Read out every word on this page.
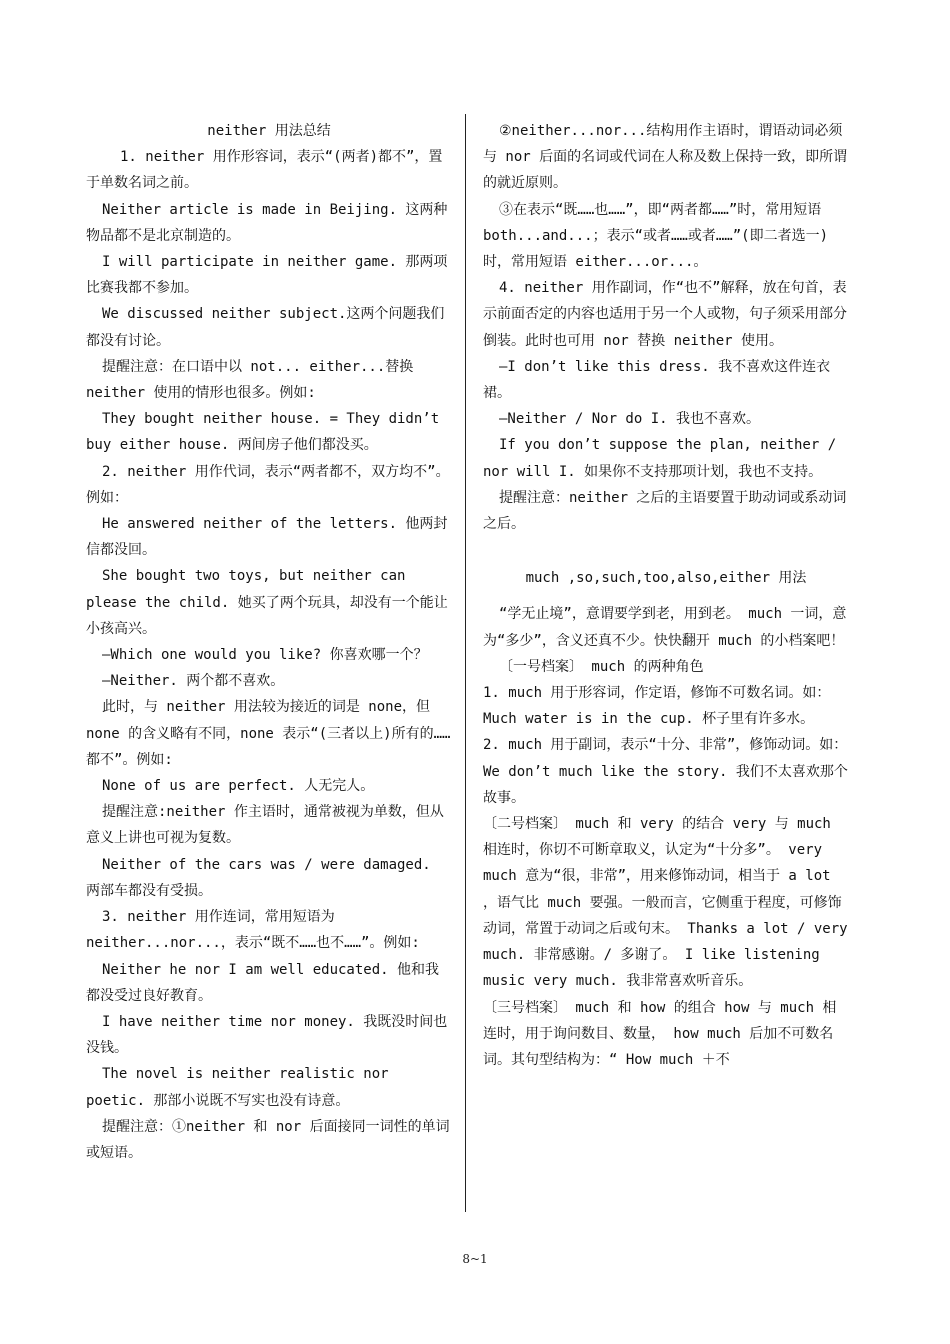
neither 用法总结

1. neither 用作形容词，表示“(两者)都不”，置于单数名词之前。

Neither article is made in Beijing. 这两种物品都不是北京制造的。

I will participate in neither game. 那两项比赛我都不参加。

We discussed neither subject.这两个问题我们都没有讨论。

提醒注意：在口语中以 not... either...替换 neither 使用的情形也很多。例如:

They bought neither house. = They didn’t buy either house. 两间房子他们都没买。

2. neither 用作代词，表示“两者都不，双方均不”。例如：

He answered neither of the letters. 他两封信都没回。

She bought two toys, but neither can please the child. 她买了两个玩具，却没有一个能让小孩高兴。

—Which one would you like? 你喜欢哪一个？

—Neither. 两个都不喜欢。

此时，与 neither 用法较为接近的词是 none，但 none 的含义略有不同，none 表示“(三者以上)所有的……都不”。例如:

None of us are perfect. 人无完人。

提醒注意:neither 作主语时，通常被视为单数，但从意义上讲也可视为复数。

Neither of the cars was / were damaged. 两部车都没有受损。

3. neither 用作连词，常用短语为 neither...nor...，表示“既不……也不……”。例如:

Neither he nor I am well educated. 他和我都没受过良好教育。

I have neither time nor money. 我既没时间也没钱。

The novel is neither realistic nor poetic. 那部小说既不写实也没有诗意。

提醒注意：①neither 和 nor 后面接同一词性的单词或短语。

②neither...nor...结构用作主语时，谓语动词必须与 nor 后面的名词或代词在人称及数上保持一致，即所谓的就近原则。

③在表示“既……也……”，即“两者都……”时，常用短语 both...and...；表示“或者……或者……”(即二者选一)时，常用短语 either...or...。

4. neither 用作副词，作“也不”解释，放在句首，表示前面否定的内容也适用于另一个人或物，句子须采用部分倒装。此时也可用 nor 替换 neither 使用。

—I don’t like this dress. 我不喜欢这件连衣裙。

—Neither / Nor do I. 我也不喜欢。

If you don’t suppose the plan, neither / nor will I. 如果你不支持那项计划，我也不支持。

提醒注意：neither 之后的主语要置于助动词或系动词之后。

much ,so,such,too,also,either 用法

“学无止境”，意谓要学到老，用到老。 much 一词，意为“多少”，含义还真不少。快快翻开 much 的小档案吧！

〔一号档案〕 much 的两种角色

1. much 用于形容词，作定语，修饰不可数名词。如： Much water is in the cup. 杯子里有许多水。

2. much 用于副词，表示“十分、非常”，修饰动词。如： We don’t much like the story. 我们不太喜欢那个故事。

〔二号档案〕 much 和 very 的结合 very 与 much 相连时，你切不可断章取义，认定为“十分多”。 very much 意为“很，非常”，用来修饰动词，相当于 a lot ，语气比 much 要强。一般而言，它侧重于程度，可修饰动词，常置于动词之后或句末。 Thanks a lot / very much. 非常感谢。/ 多谢了。 I like listening music very much. 我非常喜欢听音乐。

〔三号档案〕 much 和 how 的组合 how 与 much 相连时，用于询问数目、数量， how much 后加不可数名词。其句型结构为：“ How much ＋不

8~1
